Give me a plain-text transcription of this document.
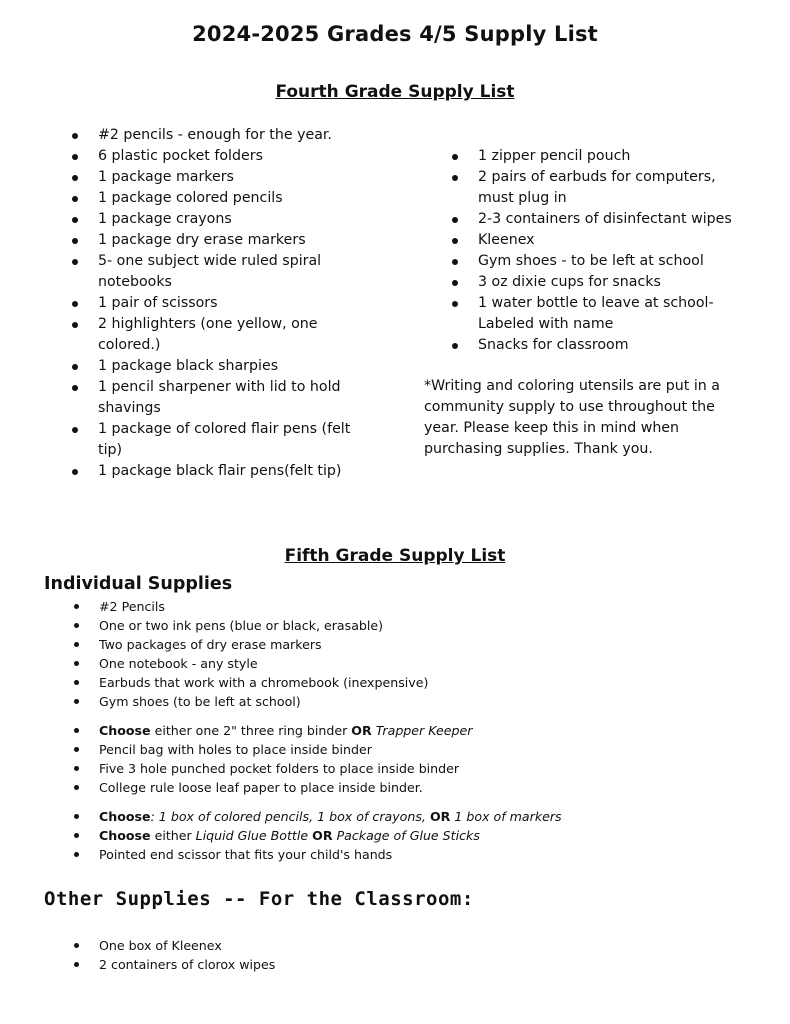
2024-2025 Grades 4/5 Supply List
Fourth Grade Supply List
#2 pencils - enough for the year.
6 plastic pocket folders
1 package markers
1 package colored pencils
1 package crayons
1 package dry erase markers
5- one subject wide ruled spiral notebooks
1 pair of scissors
2 highlighters (one yellow, one colored.)
1 package black sharpies
1 pencil sharpener with lid to hold shavings
1 package of colored flair pens (felt tip)
1 package black flair pens(felt tip)
1 zipper pencil pouch
2 pairs of earbuds for computers, must plug in
2-3 containers of disinfectant wipes
Kleenex
Gym shoes - to be left at school
3 oz dixie cups for snacks
1 water bottle to leave at school-Labeled with name
Snacks for classroom
*Writing and coloring utensils are put in a community supply to use throughout the year. Please keep this in mind when purchasing supplies. Thank you.
Fifth Grade Supply List
Individual Supplies
#2 Pencils
One or two ink pens (blue or black, erasable)
Two packages of dry erase markers
One notebook - any style
Earbuds that work with a chromebook (inexpensive)
Gym shoes (to be left at school)
Choose either one 2" three ring binder OR Trapper Keeper
Pencil bag with holes to place inside binder
Five 3 hole punched pocket folders to place inside binder
College rule loose leaf paper to place inside binder.
Choose: 1 box of colored pencils, 1 box of crayons, OR 1 box of markers
Choose either Liquid Glue Bottle OR Package of Glue Sticks
Pointed end scissor that fits your child's hands
Other Supplies -- For the Classroom:
One box of Kleenex
2 containers of clorox wipes
